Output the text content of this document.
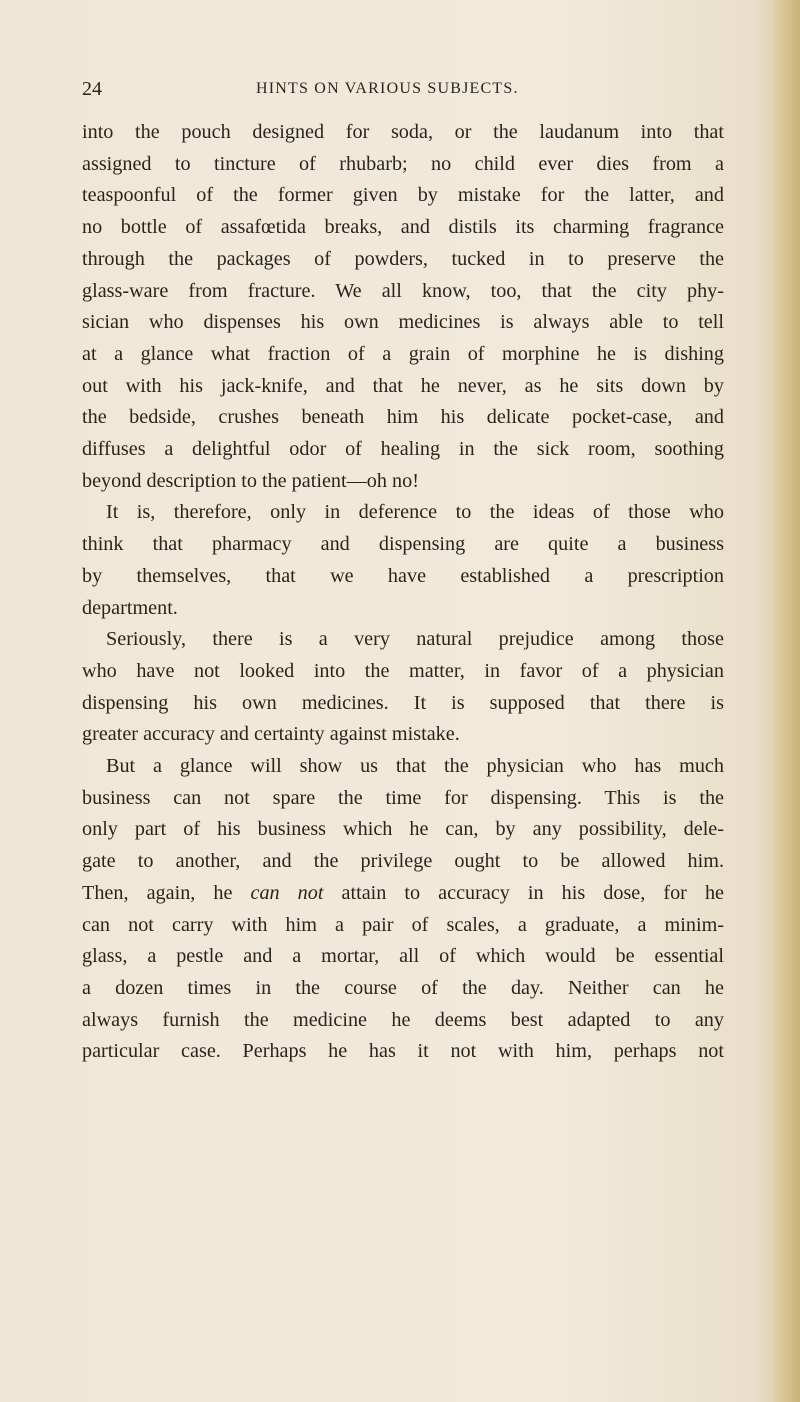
24	HINTS ON VARIOUS SUBJECTS.
into the pouch designed for soda, or the laudanum into that
assigned to tincture of rhubarb; no child ever dies from a
teaspoonful of the former given by mistake for the latter, and
no bottle of assafœtida breaks, and distils its charming fragrance
through the packages of powders, tucked in to preserve the
glass-ware from fracture. We all know, too, that the city phy-
sician who dispenses his own medicines is always able to tell
at a glance what fraction of a grain of morphine he is dishing
out with his jack-knife, and that he never, as he sits down by
the bedside, crushes beneath him his delicate pocket-case, and
diffuses a delightful odor of healing in the sick room, soothing
beyond description to the patient—oh no!
It is, therefore, only in deference to the ideas of those who
think that pharmacy and dispensing are quite a business
by themselves, that we have established a prescription
department.
Seriously, there is a very natural prejudice among those
who have not looked into the matter, in favor of a physician
dispensing his own medicines. It is supposed that there is
greater accuracy and certainty against mistake.
But a glance will show us that the physician who has much
business can not spare the time for dispensing. This is the
only part of his business which he can, by any possibility, dele-
gate to another, and the privilege ought to be allowed him.
Then, again, he can not attain to accuracy in his dose, for he
can not carry with him a pair of scales, a graduate, a minim-
glass, a pestle and a mortar, all of which would be essential
a dozen times in the course of the day. Neither can he
always furnish the medicine he deems best adapted to any
particular case. Perhaps he has it not with him, perhaps not
